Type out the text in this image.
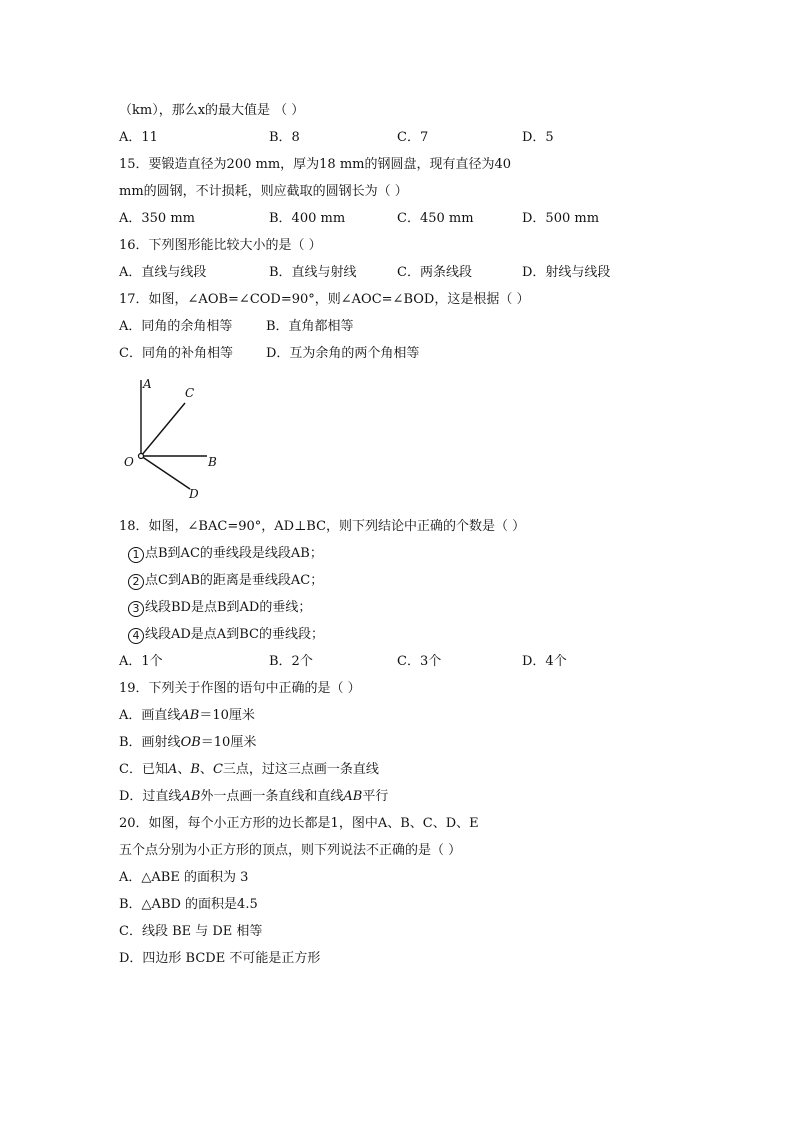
（km），那么x的最大值是 （ ）
A．11	B．8	C．7	D．5
15．要锻造直径为200 mm，厚为18 mm的钢圆盘，现有直径为40
mm的圆钢，不计损耗，则应截取的圆钢长为（ ）
A．350 mm	B．400 mm	C．450 mm	D．500 mm
16．下列图形能比较大小的是（ ）
A．直线与线段	B．直线与射线	C．两条线段	D．射线与线段
17．如图，∠AOB=∠COD=90°，则∠AOC=∠BOD，这是根据（ ）
A．同角的余角相等	B．直角都相等
C．同角的补角相等	D．互为余角的两个角相等
A
C
O	B
D
18．如图，∠BAC=90°，AD⊥BC，则下列结论中正确的个数是（ ）
1 点B到AC的垂线段是线段AB；
2 点C到AB的距离是垂线段AC；
3 线段BD是点B到AD的垂线；
4 线段AD是点A到BC的垂线段；
A．1个	B．2个	C．3个	D．4个
19．下列关于作图的语句中正确的是（ ）
A．画直线AB＝10厘米
B．画射线OB＝10厘米
C．已知A、B、C三点，过这三点画一条直线
D．过直线AB外一点画一条直线和直线AB平行
20．如图，每个小正方形的边长都是1，图中A、B、C、D、E
五个点分别为小正方形的顶点，则下列说法不正确的是（ ）
A．△ABE 的面积为 3
B．△ABD 的面积是4.5
C．线段 BE 与 DE 相等
D．四边形 BCDE 不可能是正方形
